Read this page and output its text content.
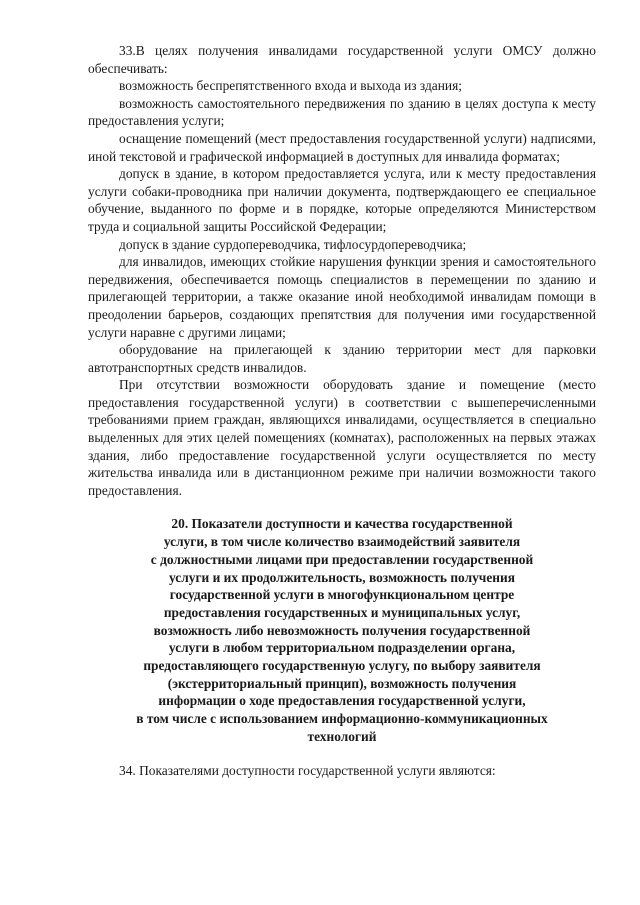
33.В целях получения инвалидами государственной услуги ОМСУ должно обеспечивать:

возможность беспрепятственного входа и выхода из здания;

возможность самостоятельного передвижения по зданию в целях доступа к месту предоставления услуги;

оснащение помещений (мест предоставления государственной услуги) надписями, иной текстовой и графической информацией в доступных для инвалида форматах;

допуск в здание, в котором предоставляется услуга, или к месту предоставления услуги собаки-проводника при наличии документа, подтверждающего ее специальное обучение, выданного по форме и в порядке, которые определяются Министерством труда и социальной защиты Российской Федерации;

допуск в здание сурдопереводчика, тифлосурдопереводчика;

для инвалидов, имеющих стойкие нарушения функции зрения и самостоятельного передвижения, обеспечивается помощь специалистов в перемещении по зданию и прилегающей территории, а также оказание иной необходимой инвалидам помощи в преодолении барьеров, создающих препятствия для получения ими государственной услуги наравне с другими лицами;

оборудование на прилегающей к зданию территории мест для парковки автотранспортных средств инвалидов.

При отсутствии возможности оборудовать здание и помещение (место предоставления государственной услуги) в соответствии с вышеперечисленными требованиями прием граждан, являющихся инвалидами, осуществляется в специально выделенных для этих целей помещениях (комнатах), расположенных на первых этажах здания, либо предоставление государственной услуги осуществляется по месту жительства инвалида или в дистанционном режиме при наличии возможности такого предоставления.

20. Показатели доступности и качества государственной
услуги, в том числе количество взаимодействий заявителя
с должностными лицами при предоставлении государственной
услуги и их продолжительность, возможность получения
государственной услуги в многофункциональном центре
предоставления государственных и муниципальных услуг,
возможность либо невозможность получения государственной
услуги в любом территориальном подразделении органа,
предоставляющего государственную услугу, по выбору заявителя
(экстерриториальный принцип), возможность получения
информации о ходе предоставления государственной услуги,
в том числе с использованием информационно-коммуникационных
технологий

34. Показателями доступности государственной услуги являются:
